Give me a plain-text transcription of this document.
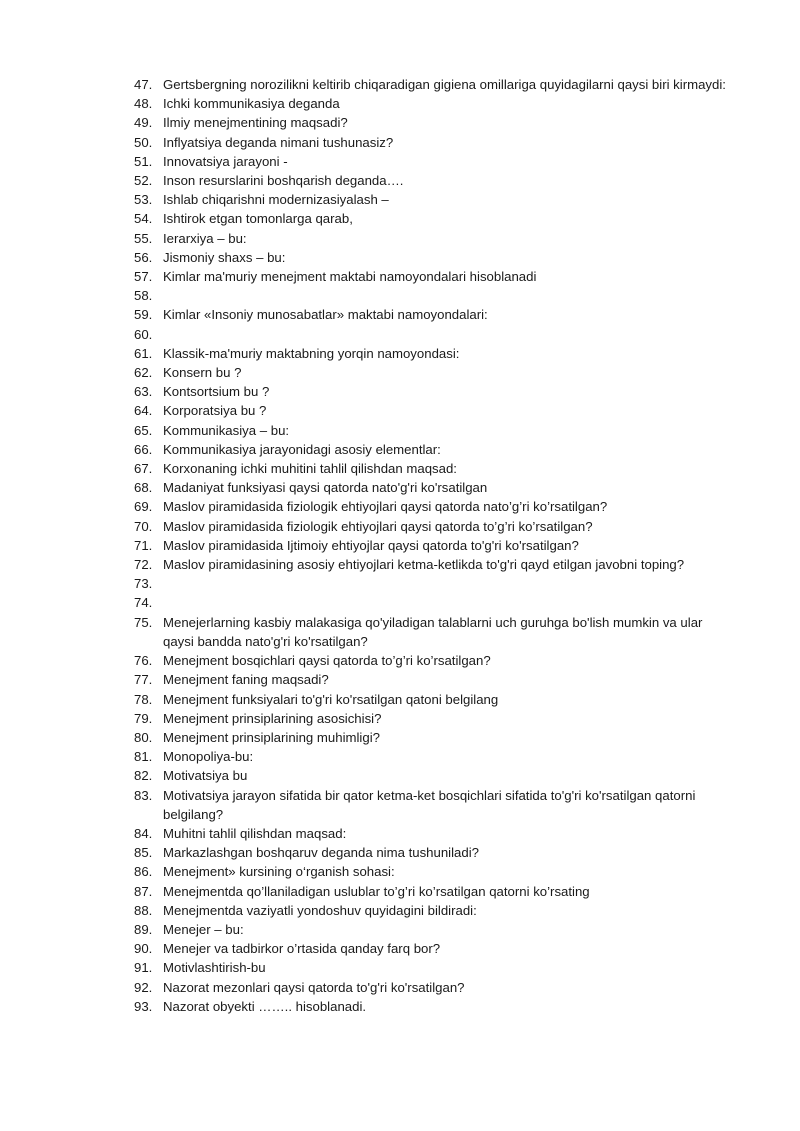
47. Gertsbergning norozilikni keltirib chiqaradigan gigiena omillariga quyidagilarni qaysi biri kirmaydi:
48. Ichki kommunikasiya deganda
49. Ilmiy menejmentining maqsadi?
50. Inflyatsiya deganda nimani tushunasiz?
51. Innovatsiya jarayoni -
52. Inson resurslarini boshqarish deganda….
53. Ishlab chiqarishni modernizasiyalash –
54. Ishtirok etgan tomonlarga qarab,
55. Ierarxiya – bu:
56. Jismoniy shaxs – bu:
57. Kimlar ma'muriy menejment maktabi namoyondalari hisoblanadi
58.
59. Kimlar «Insoniy munosabatlar» maktabi namoyondalari:
60.
61. Klassik-ma'muriy maktabning yorqin namoyondasi:
62. Konsern bu ?
63. Kontsortsium bu ?
64. Korporatsiya bu ?
65. Kommunikasiya – bu:
66. Kommunikasiya jarayonidagi asosiy elementlar:
67. Korxonaning ichki muhitini tahlil qilishdan maqsad:
68. Madaniyat funksiyasi qaysi qatorda nato'g'ri ko'rsatilgan
69. Maslov piramidasida fiziologik ehtiyojlari qaysi qatorda nato’g’ri ko’rsatilgan?
70. Maslov piramidasida fiziologik ehtiyojlari qaysi qatorda to’g’ri ko’rsatilgan?
71. Maslov piramidasida Ijtimoiy ehtiyojlar qaysi qatorda to'g'ri ko'rsatilgan?
72. Maslov piramidasining asosiy ehtiyojlari ketma-ketlikda to'g'ri qayd etilgan javobni toping?
73.
74.
75. Menejerlarning kasbiy malakasiga qo'yiladigan talablarni uch guruhga bo'lish mumkin va ular qaysi bandda nato'g'ri ko'rsatilgan?
76. Menejment bosqichlari qaysi qatorda to’g’ri ko’rsatilgan?
77. Menejment faning maqsadi?
78. Menejment funksiyalari to'g'ri ko'rsatilgan qatoni belgilang
79. Menejment prinsiplarining asosichisi?
80. Menejment prinsiplarining muhimligi?
81. Monopoliya-bu:
82. Motivatsiya bu
83. Motivatsiya jarayon sifatida bir qator ketma-ket bosqichlari sifatida to'g'ri ko'rsatilgan qatorni belgilang?
84. Muhitni tahlil qilishdan maqsad:
85. Markazlashgan boshqaruv deganda nima tushuniladi?
86. Menejment» kursining o‘rganish sohasi:
87. Menejmentda qo’llaniladigan uslublar to’g’ri ko’rsatilgan qatorni ko’rsating
88. Menejmentda vaziyatli yondoshuv quyidagini bildiradi:
89. Menejer – bu:
90. Menejer va tadbirkor o’rtasida qanday farq bor?
91. Motivlashtirish-bu
92. Nazorat mezonlari qaysi qatorda to'g'ri ko'rsatilgan?
93. Nazorat obyekti …….. hisoblanadi.
